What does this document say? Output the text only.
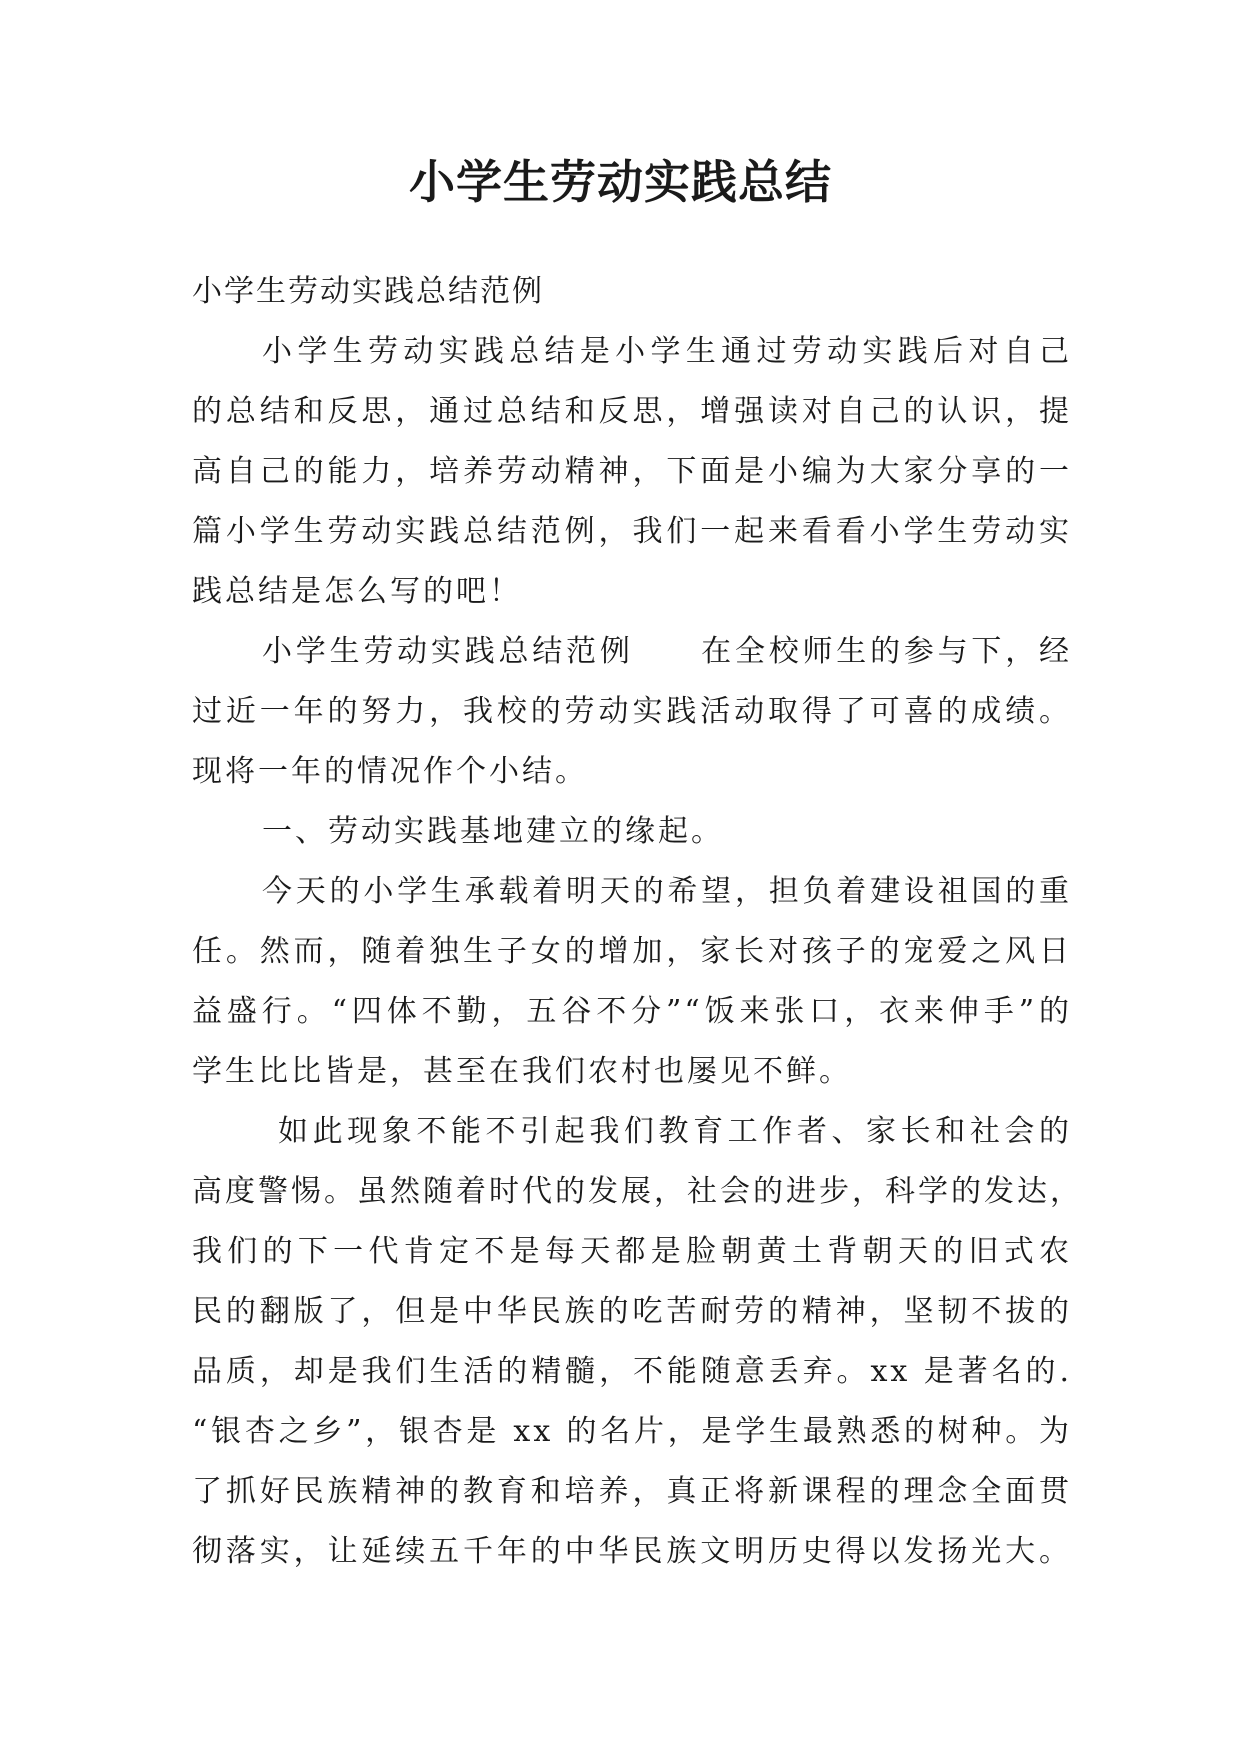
小学生劳动实践总结
小学生劳动实践总结范例
小学生劳动实践总结是小学生通过劳动实践后对自己
的总结和反思，通过总结和反思，增强读对自己的认识，提
高自己的能力，培养劳动精神，下面是小编为大家分享的一
篇小学生劳动实践总结范例，我们一起来看看小学生劳动实
践总结是怎么写的吧！
小学生劳动实践总结范例　　在全校师生的参与下，经
过近一年的努力，我校的劳动实践活动取得了可喜的成绩。
现将一年的情况作个小结。
一、劳动实践基地建立的缘起。
今天的小学生承载着明天的希望，担负着建设祖国的重
任。然而，随着独生子女的增加，家长对孩子的宠爱之风日
益盛行。“四体不勤，五谷不分”“饭来张口，衣来伸手”的
学生比比皆是，甚至在我们农村也屡见不鲜。
如此现象不能不引起我们教育工作者、家长和社会的
高度警惕。虽然随着时代的发展，社会的进步，科学的发达，
我们的下一代肯定不是每天都是脸朝黄土背朝天的旧式农
民的翻版了，但是中华民族的吃苦耐劳的精神，坚韧不拔的
品质，却是我们生活的精髓，不能随意丢弃。xx 是著名的.
“银杏之乡”，银杏是 xx 的名片，是学生最熟悉的树种。为
了抓好民族精神的教育和培养，真正将新课程的理念全面贯
彻落实，让延续五千年的中华民族文明历史得以发扬光大。
